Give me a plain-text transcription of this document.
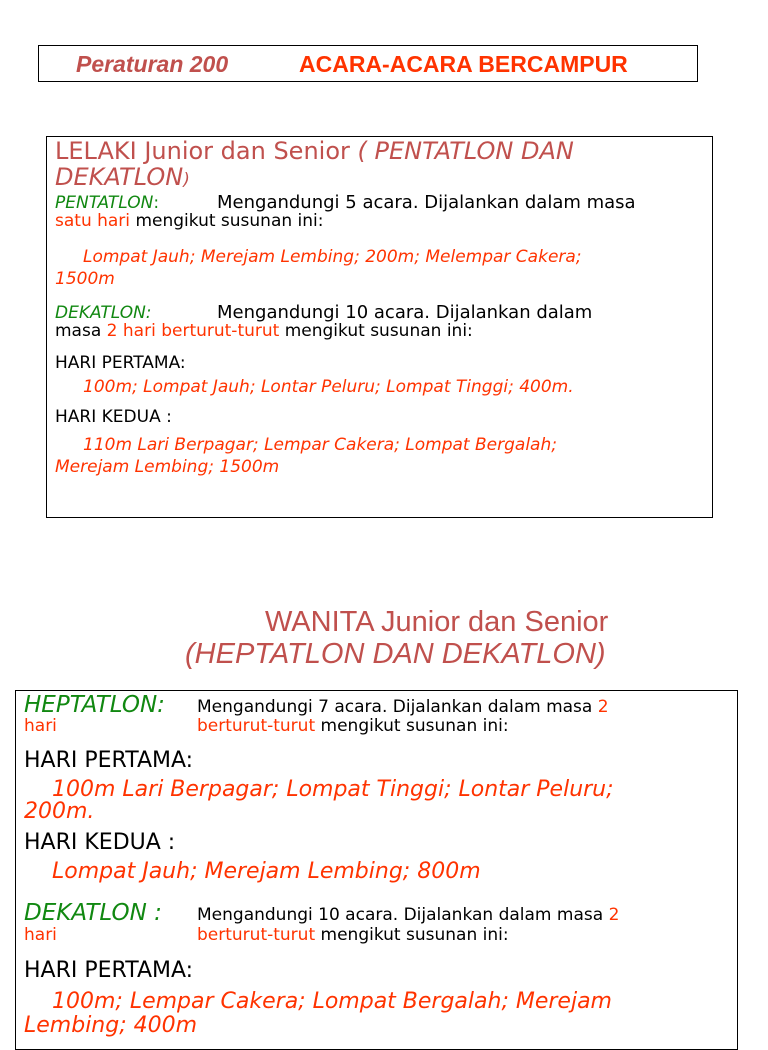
Peraturan 200	ACARA-ACARA BERCAMPUR
LELAKI Junior dan Senior ( PENTATLON DAN
DEKATLON)
PENTATLON:	Mengandungi 5 acara. Dijalankan dalam masa
satu hari mengikut susunan ini:
Lompat Jauh; Merejam Lembing; 200m; Melempar Cakera;
1500m
DEKATLON:	Mengandungi 10 acara. Dijalankan dalam
masa 2 hari berturut-turut mengikut susunan ini:
HARI PERTAMA:
100m; Lompat Jauh; Lontar Peluru; Lompat Tinggi; 400m.
HARI KEDUA :
110m Lari Berpagar; Lempar Cakera; Lompat Bergalah;
Merejam Lembing; 1500m
WANITA Junior dan Senior
(HEPTATLON DAN DEKATLON)
HEPTATLON: Mengandungi 7 acara. Dijalankan dalam masa 2
hari	berturut-turut mengikut susunan ini:
HARI PERTAMA:
100m Lari Berpagar; Lompat Tinggi; Lontar Peluru;
200m.
HARI KEDUA :
Lompat Jauh; Merejam Lembing; 800m
DEKATLON : Mengandungi 10 acara. Dijalankan dalam masa 2
hari	berturut-turut mengikut susunan ini:
HARI PERTAMA:
100m; Lempar Cakera; Lompat Bergalah; Merejam
Lembing; 400m
